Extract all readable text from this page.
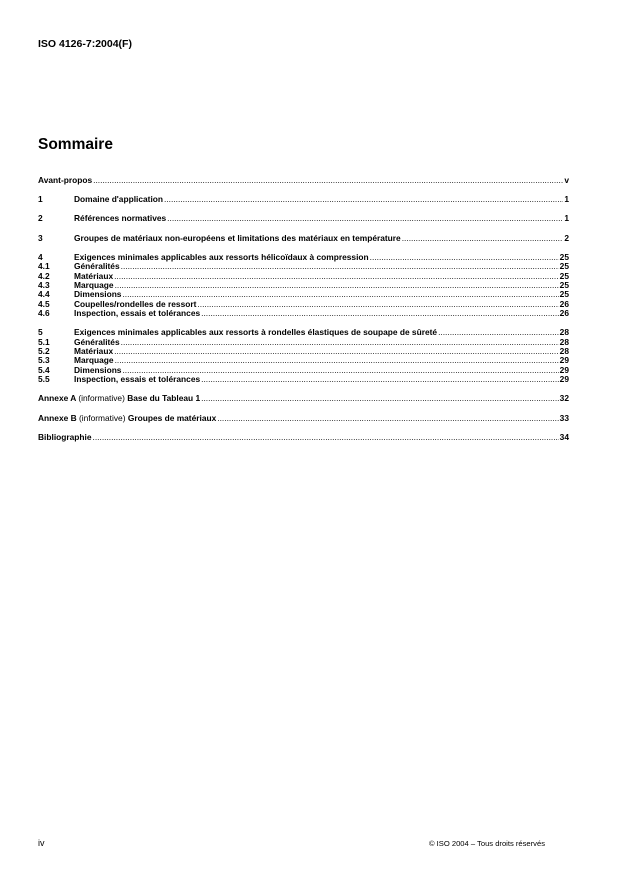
ISO 4126-7:2004(F)
Sommaire
Avant-propos .....	v
1	Domaine d'application .....	1
2	Références normatives .....	1
3	Groupes de matériaux non-européens et limitations des matériaux en température .....	2
4	Exigences minimales applicables aux ressorts hélicoïdaux à compression .....	25
4.1	Généralités .....	25
4.2	Matériaux .....	25
4.3	Marquage .....	25
4.4	Dimensions .....	25
4.5	Coupelles/rondelles de ressort .....	26
4.6	Inspection, essais et tolérances .....	26
5	Exigences minimales applicables aux ressorts à rondelles élastiques de soupape de sûreté .....	28
5.1	Généralités .....	28
5.2	Matériaux .....	28
5.3	Marquage .....	29
5.4	Dimensions .....	29
5.5	Inspection, essais et tolérances .....	29
Annexe A (informative) Base du Tableau 1 .....	32
Annexe B (informative) Groupes de matériaux .....	33
Bibliographie .....	34
iv	© ISO 2004 – Tous droits réservés
